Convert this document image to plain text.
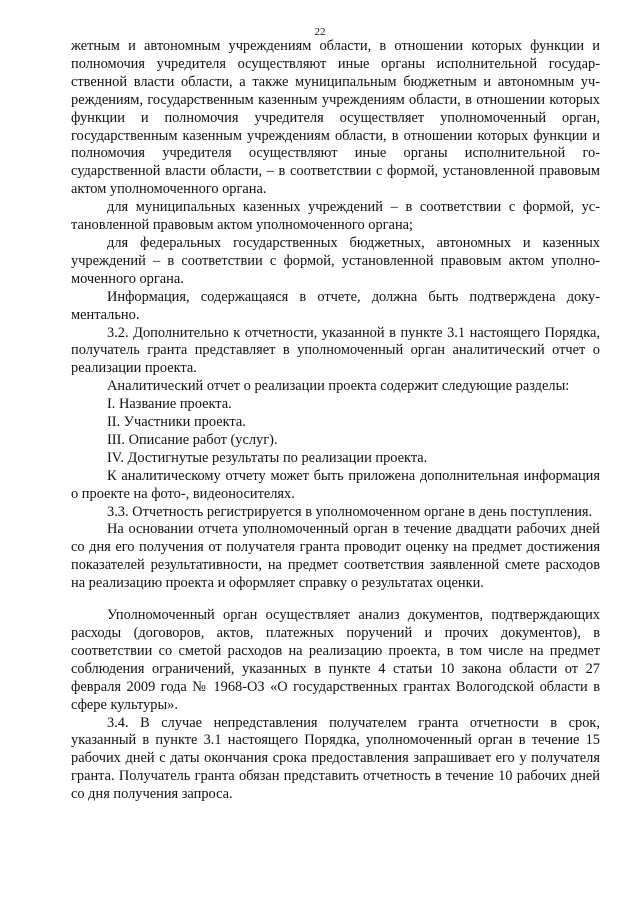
22

жетным и автономным учреждениям области, в отношении которых функции и полномочия учредителя осуществляют иные органы исполнительной государственной власти области, а также муниципальным бюджетным и автономным учреждениям, государственным казенным учреждениям области, в отношении которых функции и полномочия учредителя осуществляет уполномоченный орган, государственным казенным учреждениям области, в отношении которых функции и полномочия учредителя осуществляют иные органы исполнительной государственной власти области, – в соответствии с формой, установленной правовым актом уполномоченного органа.

для муниципальных казенных учреждений – в соответствии с формой, установленной правовым актом уполномоченного органа;

для федеральных государственных бюджетных, автономных и казенных учреждений – в соответствии с формой, установленной правовым актом уполномоченного органа.

Информация, содержащаяся в отчете, должна быть подтверждена документально.

3.2. Дополнительно к отчетности, указанной в пункте 3.1 настоящего Порядка, получатель гранта представляет в уполномоченный орган аналитический отчет о реализации проекта.

Аналитический отчет о реализации проекта содержит следующие разделы:

I. Название проекта.

II. Участники проекта.

III. Описание работ (услуг).

IV. Достигнутые результаты по реализации проекта.

К аналитическому отчету может быть приложена дополнительная информация о проекте на фото-, видеоносителях.

3.3. Отчетность регистрируется в уполномоченном органе в день поступления.

На основании отчета уполномоченный орган в течение двадцати рабочих дней со дня его получения от получателя гранта проводит оценку на предмет достижения показателей результативности, на предмет соответствия заявленной смете расходов на реализацию проекта и оформляет справку о результатах оценки.

Уполномоченный орган осуществляет анализ документов, подтверждающих расходы (договоров, актов, платежных поручений и прочих документов), в соответствии со сметой расходов на реализацию проекта, в том числе на предмет соблюдения ограничений, указанных в пункте 4 статьи 10 закона области от 27 февраля 2009 года № 1968-ОЗ «О государственных грантах Вологодской области в сфере культуры».

3.4. В случае непредставления получателем гранта отчетности в срок, указанный в пункте 3.1 настоящего Порядка, уполномоченный орган в течение 15 рабочих дней с даты окончания срока предоставления запрашивает его у получателя гранта. Получатель гранта обязан представить отчетность в течение 10 рабочих дней со дня получения запроса.
